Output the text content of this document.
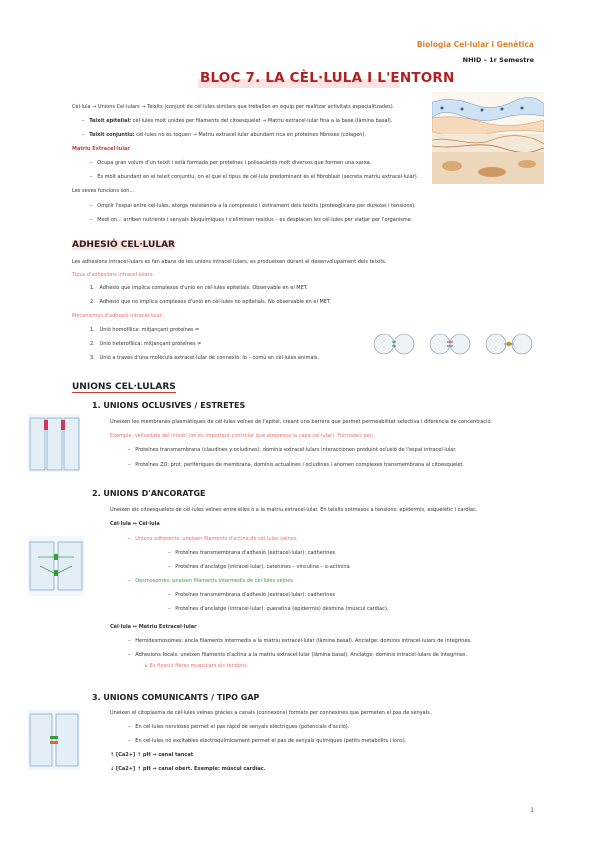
Biologia Cel·lular i Genètica
NHID – 1r Semestre
BLOC 7. LA CÈL·LULA I L'ENTORN
Cèl·lula → Unions Cel·lulars → Teixits (conjunt de cèl·lules similars que treballen en equip per realitzar activitats especialitzades).
–   Teixit epitelial: cèl·lules molt unides per filaments del citoesquelet → Matriu extracel·lular fina a la base (làmina basal).
–   Teixit conjuntiu: cèl·lules no es toquen → Matriu extracel·lular abundant rica en proteïnes fibroses (colagen).
Matriu Extracel·lular
–   Ocupa gran volum d'un teixit i està formada per proteïnes i polisacàrids molt diversos que formen una xarxa.
–   És molt abundant en el teixit conjuntiu, on el que el tipus de cèl·lula predominant és el fibroblast (secreta matriu extracel·lular).
Les seves funcions són...
–   Omplir l'espai entre cèl·lules, atorga resistència a la compressió i estirament dels teixits (proteoglicans per durezas i tensions).
–   Medi on... arriben nutrients i senyals bioquímiques i s'eliminen residus – es desplacen les cèl·lules per viatjar per l'organisme.
ADHESIÓ CEL·LULAR
Les adhesions intracel·lulars es fan abans de les unions intracel·lulars, es produeixen durant el desenvolupament dels teixits.
Tipus d'adhesions intracel·lulars:
1.   Adhesió que implica complexos d'unió en cèl·lules epitelials. Observable en el MET.
2.   Adhesió que no implica complexos d'unió en cèl·lules no epitelials. No observable en el MET.
Mecanismes d'adhesió intracel·lular:
1.   Unió homofílica: mitjançant proteïnes =
2.   Unió heterofílica: mitjançant proteïnes ≠
3.   Unió a través d'una molècula extracel·lular de connexió: lo – comú en cèl·lules animals.
UNIONS CEL·LULARS
1. UNIONS OCLUSIVES / ESTRETES
Uneixen les membranes plasmàtiques de cèl·lules veïnes de l'epitel, creant una barrera que permet permeabilitat selectiva i diferència de concentració.
Exemple: vellositats del intestí (on és important controlar què atravessa la capa cel·lular). Formades per:
–   Proteïnes transmembrana (claudines y ocludines): dominis extracel·lulars interaccionen produint oclusió de l'espai intracel·lular.
–   Proteïnes ZO: prot. perifèriques de membrana, dominis actualines i ocludines i anomen complexes transmembrana al citoesquelet.
2. UNIONS D'ANCORATGE
Uneixen els citoesquelets de cèl·lules veïnes entre elles o a la matriu extracel·lular. En teixits sotmesos a tensions: epidermis, esquelètic i cardíac.
Cèl·lula ↔ Cèl·lula
–   Unions adherents: uneixen filaments d'actina de cèl·lules veïnes.
–   Proteïnes transmembrana d'adhesió (extracel·lular): cadherines
–   Proteïnes d'anclatge (intracel·lular): catenines – vinculina – α-actinina
–   Desmosomes: uneixen filaments intermedis de cèl·lules veïnes.
–   Proteïnes transmembrana d'adhesió (extracel·lular): cadherines
–   Proteïnes d'anclatge (intracel·lular): queratina (epidermis) desmina (múscul cardíac).
Cèl·lula ↔ Matriu Extracel·lular
–   Hemidesmosomes: ancla filaments intermedis a la matriu extracel·lular (làmina basal). Anclatge: dominis intracel·lulars de integrines.
–   Adhesions focals: uneixen filaments d'actina a la matriu extracel·lular (làmina basal). Anclatge: dominis intracel·lulars de integrines.
↳ Es fixació fibres musculars als tendons.
3. UNIONS COMUNICANTS / TIPO GAP
Uneixen el citoplasma de cèl·lules veïnes gràcies a canals (connexons) formats per connexines que permeten el pas de senyals.
–   En cèl·lules nervioses permet el pas ràpid de senyals elèctriques (potencials d'acció).
–   En cèl·lules no excitables electroquímicament permet el pas de senyals químiques (petits metabòlits i ions).
↑ [Ca2+] ↑ pH → canal tancat
↓ [Ca2+] ↑ pH → canal obert. Exemple: múscul cardíac.
1
